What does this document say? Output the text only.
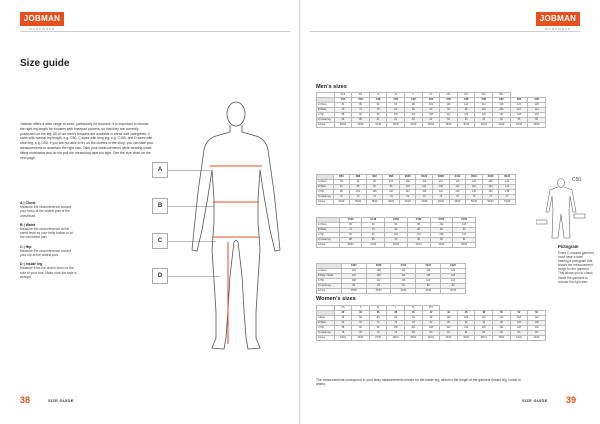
JOBMAN
WORKWEAR
Size guide

Jobman offers a wide range of sizes, particularly for trousers. It is important to choose the right leg length for trousers with kneepad pockets, so that they are correctly positioned on the leg. All of our men's trousers are available in these size categories: C sizes with normal leg length, e.g. C50, C sizes with long leg, e.g. C150, and D sizes with short leg, e.g. D96. If you are not able to try on the clothes in the shop, you can take your measurements to ascertain the right size. Take your measurements while wearing close-fitting underwear and do not pull the measuring tape too tight. See the size chart on the next page.

A | Chest
Measure the circumference around your torso at the widest part of the chest/bust.
B | Waist
Measure the circumference at the same level as your belly button or at the narrowest part.
C | Hip
Measure the circumference around your hip at the widest part.
D | Inside leg
Measure from the crotch down to the sole of your foot. Make sure the tape is straight.
A
B
C
D
38	SIZE GUIDE
JOBMAN
WORKWEAR
Men's sizes
	XXS	XS	S	M	L	XL	XXL	3XL	4XL	5XL		
	C44	C46	C48	C50	C52	C54	C56	C58	C60	C62	C64	C66
A Chest	82	86	90	94	98	102	106	110	114	118	122	126
B Waist	70	74	78	82	86	90	94	98	102	106	110	114
C Hip	88	92	96	100	104	108	112	116	120	124	128	132
D Inside leg	80	80	81	81	82	82	83	83	84	84	85	85
Inches	28/32	30/32	31/32	32/32	34/32	36/32	38/32	40/32	42/32	44/32	46/32	48/32
	D84	D88	D92	D96	D100	D104	D108	D112	D116	D120	D124
A Chest	90	94	98	102	106	110	114	118	122	126	130
B Waist	84	88	92	96	100	104	108	112	116	120	124
C Hip	98	102	106	110	114	118	122	126	130	134	138
D Inside leg	72	73	73	74	74	75	75	76	76	77	77
Inches	34/29	36/29	38/29	40/29	42/29	44/29	46/29	48/29	50/29	52/29	54/29
	C146	C148	C150	C152	C154	C156
A Chest	86	90	94	98	102	106
B Waist	74	78	82	86	90	94
C Hip	92	96	100	104	108	112
D Inside leg	88	89	89	90	90	91
Inches	30/34	31/34	32/34	34/34	36/34	38/34
	F104	F108	F112	F116	F120
A Chest	104	108	112	116	120
B Belly / Waist	104	108	112	116	120
C Hip	108	112	116	120	124
D Inside leg	80	81	81	82	82
Inches	38/32	40/32	42/32	44/32	46/32
Women's sizes
	XS	S	M	L	XL	XXL						
	32	34	36	38	40	42	44	46	48	50	52	54
A Bust	78	82	86	90	94	98	102	106	110	114	118	122
B Waist	62	66	70	74	78	82	86	90	94	98	102	106
C Hip	88	92	96	100	104	108	112	116	120	124	128	132
D Inside leg	78	78	79	79	80	80	81	81	82	82	83	83
Inches	24/31	26/31	27/31	28/31	30/31	32/31	34/31	36/31	38/31	40/31	42/31	44/31

The measurements correspond to your body measurements except for the inside leg, which is the length of the garment (inside leg, crotch to ankle).

C50
Pictogram
Every C-marked garment must have a label bearing a pictogram that shows the measurement range for the garment. This allows you to check inside the garment to choose the right size.
SIZE GUIDE 39
